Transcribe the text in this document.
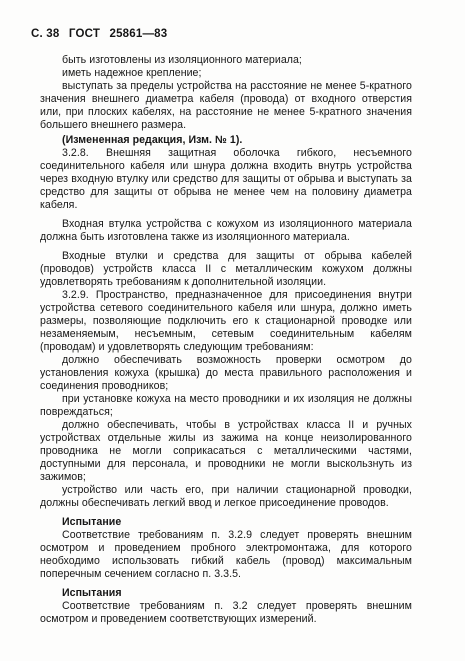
С. 38 ГОСТ 25861—83

быть изготовлены из изоляционного материала;

иметь надежное крепление;

выступать за пределы устройства на расстояние не менее 5-кратного значения внешнего диаметра кабеля (провода) от входного отверстия или, при плоских кабелях, на расстояние не менее 5-кратного значения большего внешнего размера.

(Измененная редакция, Изм. № 1).

3.2.8. Внешняя защитная оболочка гибкого, несъемного соединительного кабеля или шнура должна входить внутрь устройства через входную втулку или средство для защиты от обрыва и выступать за средство для защиты от обрыва не менее чем на половину диаметра кабеля.

Входная втулка устройства с кожухом из изоляционного материала должна быть изготовлена также из изоляционного материала.

Входные втулки и средства для защиты от обрыва кабелей (проводов) устройств класса II с металлическим кожухом должны удовлетворять требованиям к дополнительной изоляции.

3.2.9. Пространство, предназначенное для присоединения внутри устройства сетевого соединительного кабеля или шнура, должно иметь размеры, позволяющие подключить его к стационарной проводке или незаменяемым, несъемным, сетевым соединительным кабелям (проводам) и удовлетворять следующим требованиям:

должно обеспечивать возможность проверки осмотром до установления кожуха (крышка) до места правильного расположения и соединения проводников;

при установке кожуха на место проводники и их изоляция не должны повреждаться;

должно обеспечивать, чтобы в устройствах класса II и ручных устройствах отдельные жилы из зажима на конце неизолированного проводника не могли соприкасаться с металлическими частями, доступными для персонала, и проводники не могли выскользнуть из зажимов;

устройство или часть его, при наличии стационарной проводки, должны обеспечивать легкий ввод и легкое присоединение проводов.

Испытание

Соответствие требованиям п. 3.2.9 следует проверять внешним осмотром и проведением пробного электромонтажа, для которого необходимо использовать гибкий кабель (провод) максимальным поперечным сечением согласно п. 3.3.5.

Испытания

Соответствие требованиям п. 3.2 следует проверять внешним осмотром и проведением соответствующих измерений.
